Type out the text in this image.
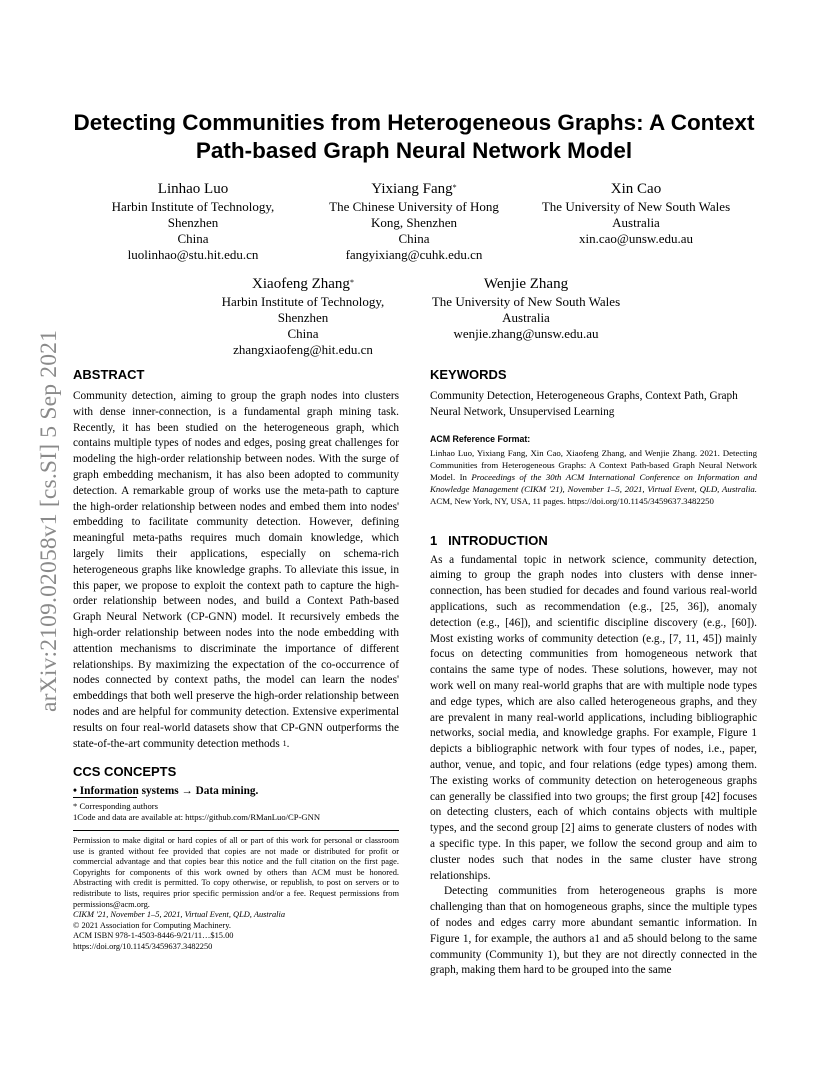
arXiv:2109.02058v1 [cs.SI] 5 Sep 2021
Detecting Communities from Heterogeneous Graphs: A Context Path-based Graph Neural Network Model
Linhao Luo
Harbin Institute of Technology,
Shenzhen
China
luolinhao@stu.hit.edu.cn
Yixiang Fang*
The Chinese University of Hong
Kong, Shenzhen
China
fangyixiang@cuhk.edu.cn
Xin Cao
The University of New South Wales
Australia
xin.cao@unsw.edu.au
Xiaofeng Zhang*
Harbin Institute of Technology,
Shenzhen
China
zhangxiaofeng@hit.edu.cn
Wenjie Zhang
The University of New South Wales
Australia
wenjie.zhang@unsw.edu.au
ABSTRACT

Community detection, aiming to group the graph nodes into clusters with dense inner-connection, is a fundamental graph mining task. Recently, it has been studied on the heterogeneous graph, which contains multiple types of nodes and edges, posing great challenges for modeling the high-order relationship between nodes. With the surge of graph embedding mechanism, it has also been adopted to community detection. A remarkable group of works use the meta-path to capture the high-order relationship between nodes and embed them into nodes' embedding to facilitate community detection. However, defining meaningful meta-paths requires much domain knowledge, which largely limits their applications, especially on schema-rich heterogeneous graphs like knowledge graphs. To alleviate this issue, in this paper, we propose to exploit the context path to capture the high-order relationship between nodes, and build a Context Path-based Graph Neural Network (CP-GNN) model. It recursively embeds the high-order relationship between nodes into the node embedding with attention mechanisms to discriminate the importance of different relationships. By maximizing the expectation of the co-occurrence of nodes connected by context paths, the model can learn the nodes' embeddings that both well preserve the high-order relationship between nodes and are helpful for community detection. Extensive experimental results on four real-world datasets show that CP-GNN outperforms the state-of-the-art community detection methods $^1$.

CCS CONCEPTS
• Information systems → Data mining.
* Corresponding authors
1Code and data are available at: https://github.com/RManLuo/CP-GNN
Permission to make digital or hard copies of all or part of this work for personal or classroom use is granted without fee provided that copies are not made or distributed for profit or commercial advantage and that copies bear this notice and the full citation on the first page. Copyrights for components of this work owned by others than ACM must be honored. Abstracting with credit is permitted. To copy otherwise, or republish, to post on servers or to redistribute to lists, requires prior specific permission and/or a fee. Request permissions from permissions@acm.org.
CIKM '21, November 1–5, 2021, Virtual Event, QLD, Australia
© 2021 Association for Computing Machinery.
ACM ISBN 978-1-4503-8446-9/21/11…$15.00
https://doi.org/10.1145/3459637.3482250
KEYWORDS

Community Detection, Heterogeneous Graphs, Context Path, Graph Neural Network, Unsupervised Learning

ACM Reference Format:
Linhao Luo, Yixiang Fang, Xin Cao, Xiaofeng Zhang, and Wenjie Zhang. 2021. Detecting Communities from Heterogeneous Graphs: A Context Path-based Graph Neural Network Model. In Proceedings of the 30th ACM International Conference on Information and Knowledge Management (CIKM '21), November 1–5, 2021, Virtual Event, QLD, Australia. ACM, New York, NY, USA, 11 pages. https://doi.org/10.1145/3459637.3482250
1   INTRODUCTION

As a fundamental topic in network science, community detection, aiming to group the graph nodes into clusters with dense inner-connection, has been studied for decades and found various real-world applications, such as recommendation (e.g., [25, 36]), anomaly detection (e.g., [46]), and scientific discipline discovery (e.g., [60]). Most existing works of community detection (e.g., [7, 11, 45]) mainly focus on detecting communities from homogeneous network that contains the same type of nodes. These solutions, however, may not work well on many real-world graphs that are with multiple node types and edge types, which are also called heterogeneous graphs, and they are prevalent in many real-world applications, including bibliographic networks, social media, and knowledge graphs. For example, Figure 1 depicts a bibliographic network with four types of nodes, i.e., paper, author, venue, and topic, and four relations (edge types) among them. The existing works of community detection on heterogeneous graphs can generally be classified into two groups; the first group [42] focuses on detecting clusters, each of which contains objects with multiple types, and the second group [2] aims to generate clusters of nodes with a specific type. In this paper, we follow the second group and aim to cluster nodes such that nodes in the same cluster have strong relationships.

Detecting communities from heterogeneous graphs is more challenging than that on homogeneous graphs, since the multiple types of nodes and edges carry more abundant semantic information. In Figure 1, for example, the authors a1 and a5 should belong to the same community (Community 1), but they are not directly connected in the graph, making them hard to be grouped into the same
